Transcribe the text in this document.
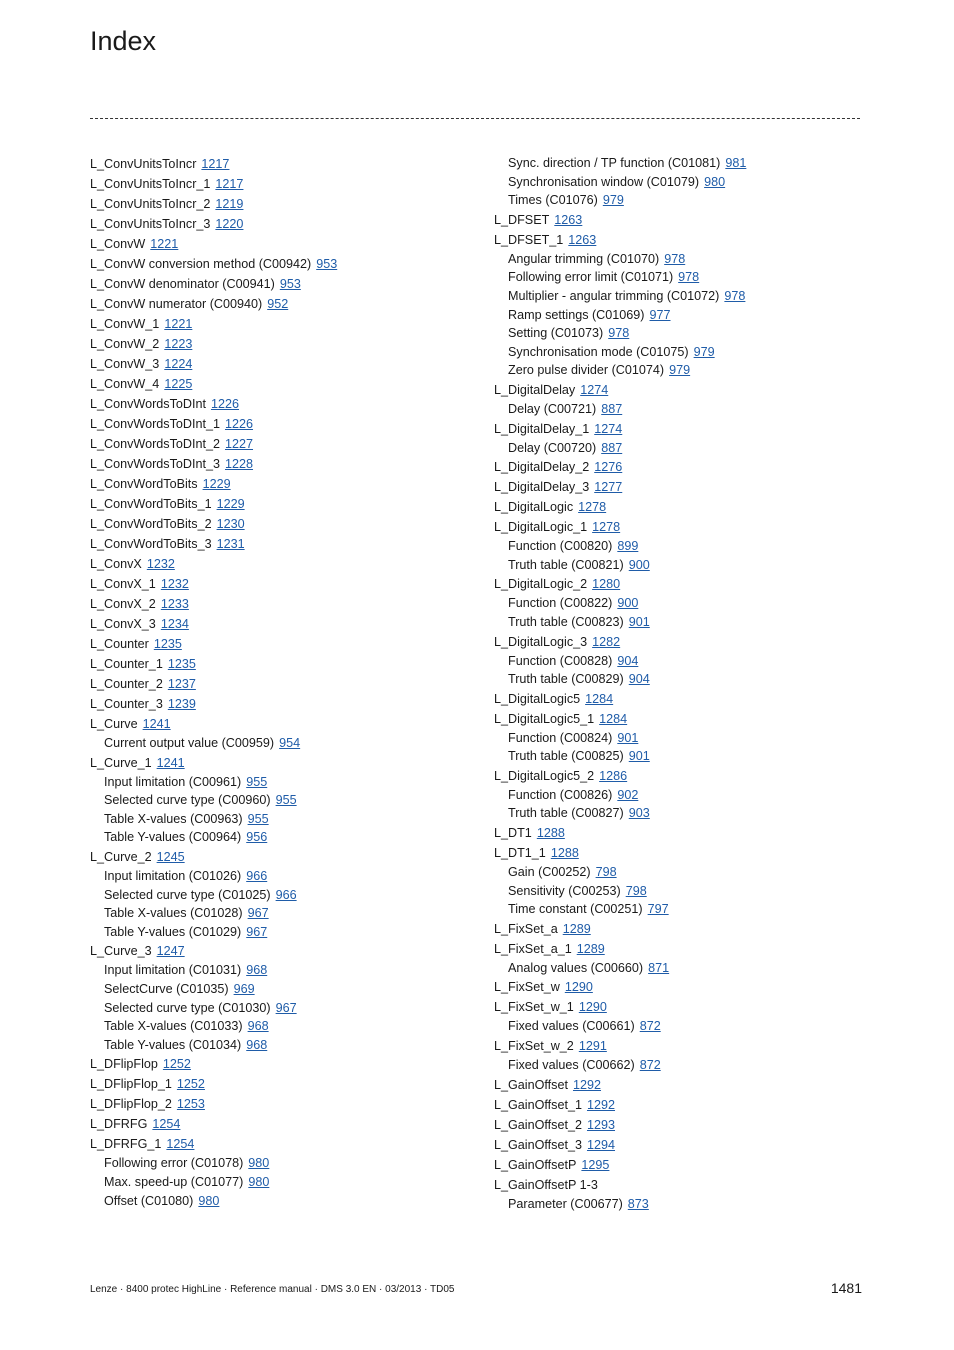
Index
L_ConvUnitsToIncr 1217
L_ConvUnitsToIncr_1 1217
L_ConvUnitsToIncr_2 1219
L_ConvUnitsToIncr_3 1220
L_ConvW 1221
L_ConvW conversion method (C00942) 953
L_ConvW denominator (C00941) 953
L_ConvW numerator (C00940) 952
L_ConvW_1 1221
L_ConvW_2 1223
L_ConvW_3 1224
L_ConvW_4 1225
L_ConvWordsToDInt 1226
L_ConvWordsToDInt_1 1226
L_ConvWordsToDInt_2 1227
L_ConvWordsToDInt_3 1228
L_ConvWordToBits 1229
L_ConvWordToBits_1 1229
L_ConvWordToBits_2 1230
L_ConvWordToBits_3 1231
L_ConvX 1232
L_ConvX_1 1232
L_ConvX_2 1233
L_ConvX_3 1234
L_Counter 1235
L_Counter_1 1235
L_Counter_2 1237
L_Counter_3 1239
L_Curve 1241
Current output value (C00959) 954
L_Curve_1 1241
Input limitation (C00961) 955
Selected curve type (C00960) 955
Table X-values (C00963) 955
Table Y-values (C00964) 956
L_Curve_2 1245
Input limitation (C01026) 966
Selected curve type (C01025) 966
Table X-values (C01028) 967
Table Y-values (C01029) 967
L_Curve_3 1247
Input limitation (C01031) 968
SelectCurve (C01035) 969
Selected curve type (C01030) 967
Table X-values (C01033) 968
Table Y-values (C01034) 968
L_DFlipFlop 1252
L_DFlipFlop_1 1252
L_DFlipFlop_2 1253
L_DFRFG 1254
L_DFRFG_1 1254
Following error (C01078) 980
Max. speed-up (C01077) 980
Offset (C01080) 980
Sync. direction / TP function (C01081) 981
Synchronisation window (C01079) 980
Times (C01076) 979
L_DFSET 1263
L_DFSET_1 1263
Angular trimming (C01070) 978
Following error limit (C01071) 978
Multiplier - angular trimming (C01072) 978
Ramp settings (C01069) 977
Setting (C01073) 978
Synchronisation mode (C01075) 979
Zero pulse divider (C01074) 979
L_DigitalDelay 1274
Delay (C00721) 887
L_DigitalDelay_1 1274
Delay (C00720) 887
L_DigitalDelay_2 1276
L_DigitalDelay_3 1277
L_DigitalLogic 1278
L_DigitalLogic_1 1278
Function (C00820) 899
Truth table (C00821) 900
L_DigitalLogic_2 1280
Function (C00822) 900
Truth table (C00823) 901
L_DigitalLogic_3 1282
Function (C00828) 904
Truth table (C00829) 904
L_DigitalLogic5 1284
L_DigitalLogic5_1 1284
Function (C00824) 901
Truth table (C00825) 901
L_DigitalLogic5_2 1286
Function (C00826) 902
Truth table (C00827) 903
L_DT1 1288
L_DT1_1 1288
Gain (C00252) 798
Sensitivity (C00253) 798
Time constant (C00251) 797
L_FixSet_a 1289
L_FixSet_a_1 1289
Analog values (C00660) 871
L_FixSet_w 1290
L_FixSet_w_1 1290
Fixed values (C00661) 872
L_FixSet_w_2 1291
Fixed values (C00662) 872
L_GainOffset 1292
L_GainOffset_1 1292
L_GainOffset_2 1293
L_GainOffset_3 1294
L_GainOffsetP 1295
L_GainOffsetP 1-3
Parameter (C00677) 873
Lenze · 8400 protec HighLine · Reference manual · DMS 3.0 EN · 03/2013 · TD05	1481
